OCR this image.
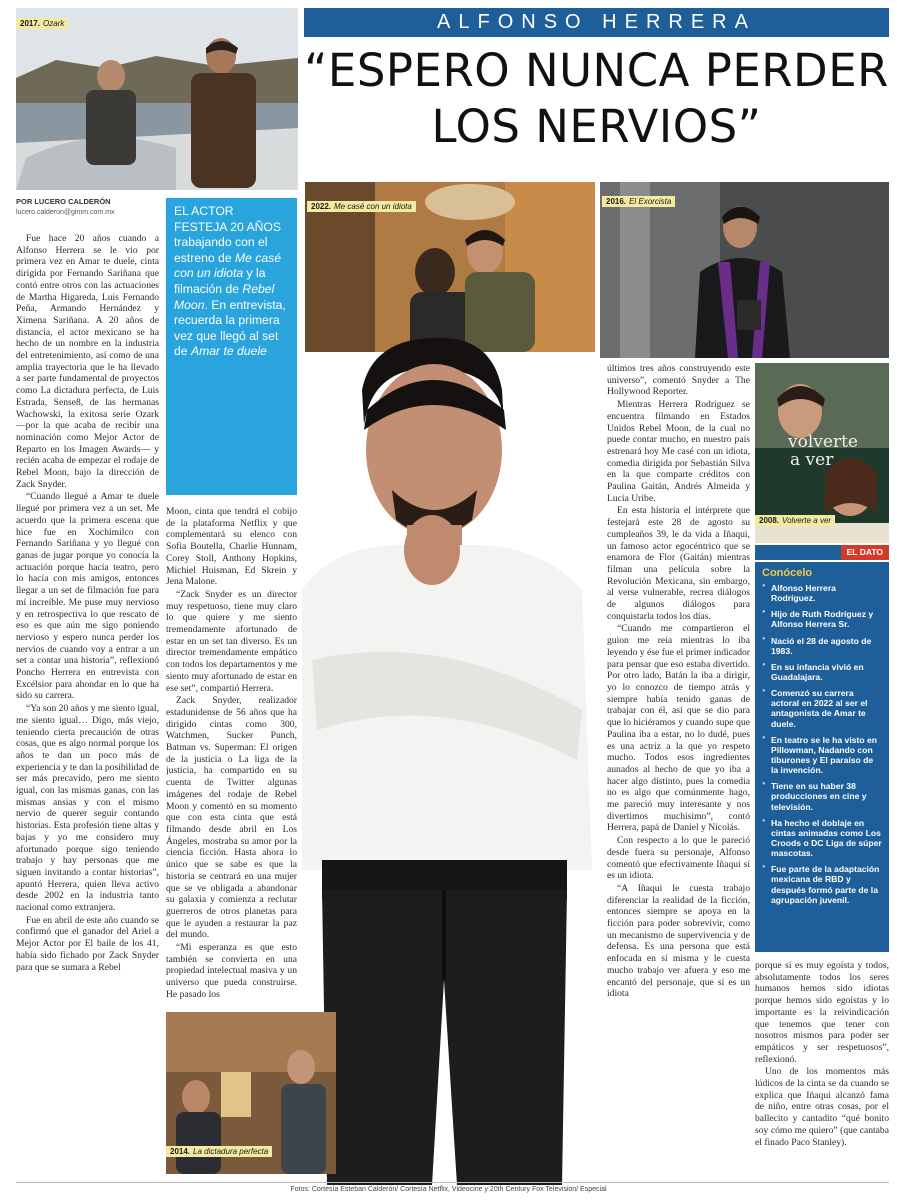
ALFONSO HERRERA
“ESPERO NUNCA PERDER LOS NERVIOS”
2017. Ozark
POR LUCERO CALDERÓN
lucero.calderon@gimm.com.mx	EL ACTOR FESTEJA 20 AÑOS trabajando con el estreno de Me casé con un idiota y la filmación de Rebel Moon. En entrevista, recuerda la primera vez que llegó al set de Amar te duele

Fue hace 20 años cuando a Alfonso Herrera se le vio por primera vez en Amar te duele, cinta dirigida por Fernando Sariñana que contó entre otros con las actuaciones de Martha Higareda, Luis Fernando Peña, Armando Hernández y Ximena Sariñana. A 20 años de distancia, el actor mexicano se ha hecho de un nombre en la industria del entretenimiento, así como de una amplia trayectoria que le ha llevado a ser parte fundamental de proyectos como La dictadura perfecta, de Luis Estrada, Sense8, de las hermanas Wachowski, la exitosa serie Ozark —por la que acaba de recibir una nominación como Mejor Actor de Reparto en los Imagen Awards— y recién acaba de empezar el rodaje de Rebel Moon, bajo la dirección de Zack Snyder.

“Cuando llegué a Amar te duele llegué por primera vez a un set. Me acuerdo que la primera escena que hice fue en Xochimilco con Fernando Sariñana y yo llegué con ganas de jugar porque yo conocía la actuación porque hacía teatro, pero lo hacía con mis amigos, entonces llegar a un set de filmación fue para mí increíble. Me puse muy nervioso y en retrospectiva lo que rescato de eso es que aún me sigo poniendo nervioso y espero nunca perder los nervios de cuando voy a entrar a un set a contar una historia”, reflexionó Poncho Herrera en entrevista con Excélsior para ahondar en lo que ha sido su carrera.

“Ya son 20 años y me siento igual, me siento igual… Digo, más viejo, teniendo cierta precaución de otras cosas, que es algo normal porque los años te dan un poco más de experiencia y te dan la posibilidad de ser más precavido, pero me siento igual, con las mismas ganas, con las mismas ansias y con el mismo nervio de querer seguir contando historias. Esta profesión tiene altas y bajas y yo me considero muy afortunado porque sigo teniendo trabajo y hay personas que me siguen invitando a contar historias”, apuntó Herrera, quien lleva activo desde 2002 en la industria tanto nacional como extranjera.

Fue en abril de este año cuando se confirmó que el ganador del Ariel a Mejor Actor por El baile de los 41, había sido fichado por Zack Snyder para que se sumara a Rebel

2022. Me casé con un idiota
2016. El Exorcista
volverte
a ver
2008. Volverte a ver

Moon, cinta que tendrá el cobijo de la plataforma Netflix y que complementará su elenco con Sofia Boutella, Charlie Hunnam, Corey Stoll, Anthony Hopkins, Michiel Huisman, Ed Skrein y Jena Malone.

“Zack Snyder es un director muy respetuoso, tiene muy claro lo que quiere y me siento tremendamente afortunado de estar en un set tan diverso. Es un director tremendamente empático con todos los departamentos y me siento muy afortunado de estar en ese set”, compartió Herrera.

Zack Snyder, realizador estadunidense de 56 años que ha dirigido cintas como 300, Watchmen, Sucker Punch, Batman vs. Superman: El origen de la justicia o La liga de la justicia, ha compartido en su cuenta de Twitter algunas imágenes del rodaje de Rebel Moon y comentó en su momento que con esta cinta que está filmando desde abril en Los Ángeles, mostraba su amor por la ciencia ficción. Hasta ahora lo único que se sabe es que la historia se centrará en una mujer que se ve obligada a abandonar su galaxia y comienza a reclutar guerreros de otros planetas para que le ayuden a restaurar la paz del mundo.

“Mi esperanza es que esto también se convierta en una propiedad intelectual masiva y un universo que pueda construirse. He pasado los

2014. La dictadura perfecta

últimos tres años construyendo este universo”, comentó Snyder a The Hollywood Reporter.

Mientras Herrera Rodríguez se encuentra filmando en Estados Unidos Rebel Moon, de la cual no puede contar mucho, en nuestro país estrenará hoy Me casé con un idiota, comedia dirigida por Sebastián Silva en la que comparte créditos con Paulina Gaitán, Andrés Almeida y Lucía Uribe.

En esta historia el intérprete que festejará este 28 de agosto su cumpleaños 39, le da vida a Iñaqui, un famoso actor egocéntrico que se enamora de Flor (Gaitán) mientras filman una película sobre la Revolución Mexicana, sin embargo, al verse vulnerable, recrea diálogos de algunos diálogos para conquistarla todos los días.

“Cuando me compartieron el guion me reía mientras lo iba leyendo y ése fue el primer indicador para pensar que eso estaba divertido. Por otro lado, Batán la iba a dirigir, yo lo conozco de tiempo atrás y siempre había tenido ganas de trabajar con él, así que se dio para que lo hiciéramos y cuando supe que Paulina iba a estar, no lo dudé, pues es una actriz a la que yo respeto mucho. Todos esos ingredientes aunados al hecho de que yo iba a hacer algo distinto, pues la comedia no es algo que comúnmente hago, me pareció muy interesante y nos divertimos muchísimo”, contó Herrera, papá de Daniel y Nicolás.

Con respecto a lo que le pareció desde fuera su personaje, Alfonso comentó que efectivamente Iñaqui sí es un idiota.

“A Iñaqui le cuesta trabajo diferenciar la realidad de la ficción, entonces siempre se apoya en la ficción para poder sobrevivir, como un mecanismo de supervivencia y de defensa. Es una persona que está enfocada en sí misma y le cuesta mucho trabajo ver afuera y eso me encantó del personaje, que sí es un idiota

EL DATO
Conócelo
● Alfonso Herrera Rodríguez.
● Hijo de Ruth Rodríguez y Alfonso Herrera Sr.
● Nació el 28 de agosto de 1983.
● En su infancia vivió en Guadalajara.
● Comenzó su carrera actoral en 2022 al ser el antagonista de Amar te duele.
● En teatro se le ha visto en Pillowman, Nadando con tiburones y El paraíso de la invención.
● Tiene en su haber 38 producciones en cine y televisión.
● Ha hecho el doblaje en cintas animadas como Los Croods o DC Liga de súper mascotas.
● Fue parte de la adaptación mexicana de RBD y después formó parte de la agrupación juvenil.

porque sí es muy egoísta y todos, absolutamente todos los seres humanos hemos sido idiotas porque hemos sido egoístas y lo importante es la reivindicación que tenemos que tener con nosotros mismos para poder ser empáticos y ser respetuosos”, reflexionó.

Uno de los momentos más lúdicos de la cinta se da cuando se explica que Iñaqui alcanzó fama de niño, entre otras cosas, por el ballecito y cantadito “qué bonito soy cómo me quiero” (que cantaba el finado Paco Stanley).

Fotos: Cortesía Esteban Calderón/ Cortesía Netflix, Videocine y 20th Century Fox Television/ Especial
